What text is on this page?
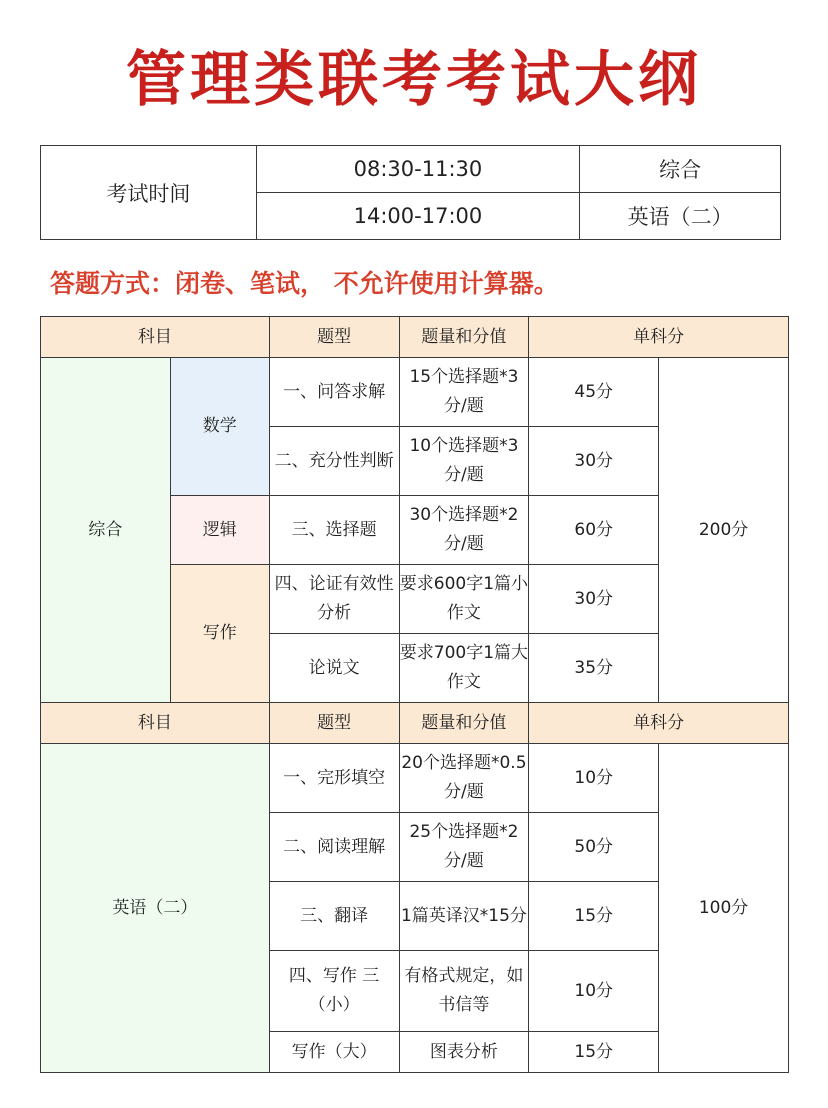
管理类联考考试大纲
考试时间	08:30-11:30	综合
	14:00-17:00	英语（二）
答题方式：闭卷、笔试， 不允许使用计算器。
科目		题型	题量和分值	单科分	
综合	数学	一、问答求解	15个选择题*3分/题	45分	200分
		二、充分性判断	10个选择题*3分/题	30分	
	逻辑	三、选择题	30个选择题*2分/题	60分	
	写作	四、论证有效性分析	要求600字1篇小作文	30分	
		论说文	要求700字1篇大作文	35分	
科目		题型	题量和分值	单科分	
英语（二）		一、完形填空	20个选择题*0.5分/题	10分	100分
		二、阅读理解	25个选择题*2分/题	50分	
		三、翻译	1篇英译汉*15分	15分	
		四、写作 三（小）	有格式规定，如书信等	10分	
		写作（大）	图表分析	15分	
